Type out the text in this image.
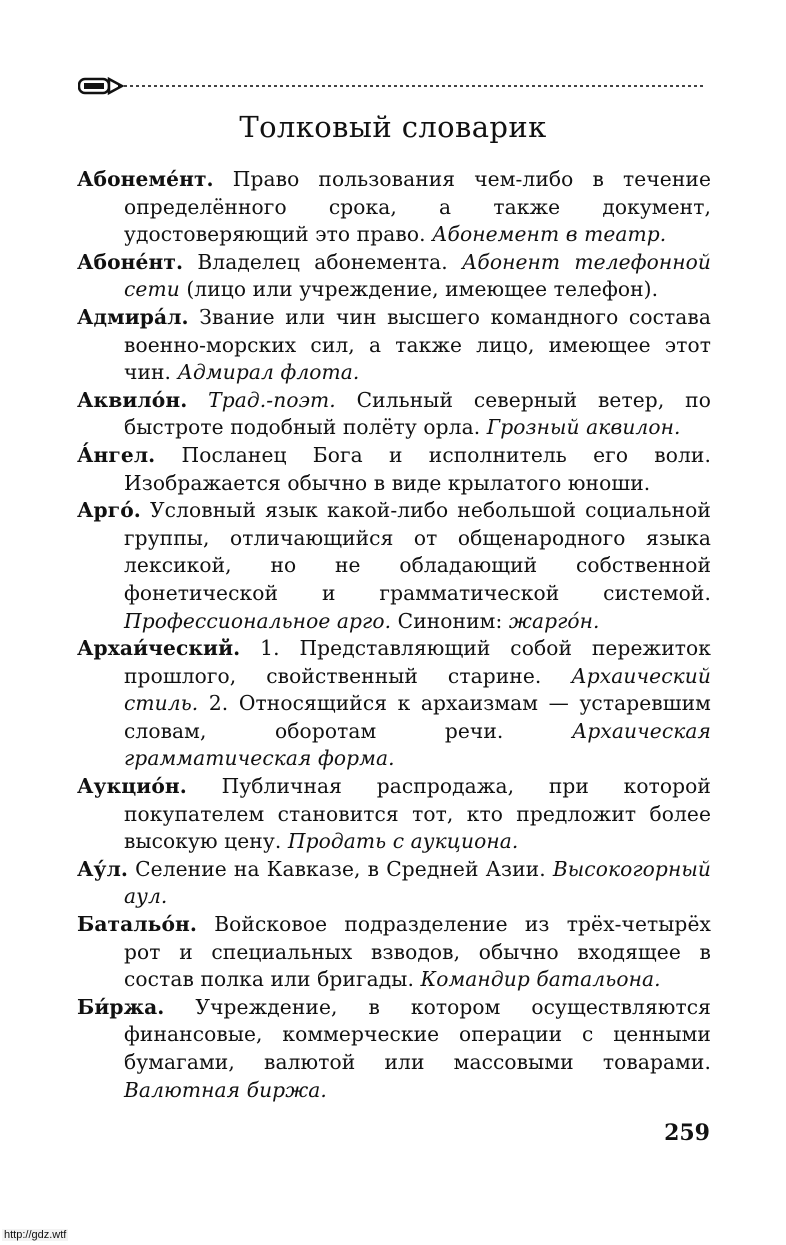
Толковый словарик

Абонеме́нт. Право пользования чем-либо в течение определённого срока, а также документ, удостоверяющий это право. Абонемент в театр.

Абоне́нт. Владелец абонемента. Абонент телефонной сети (лицо или учреждение, имеющее телефон).

Адмира́л. Звание или чин высшего командного состава военно-морских сил, а также лицо, имеющее этот чин. Адмирал флота.

Аквило́н. Трад.-поэт. Сильный северный ветер, по быстроте подобный полёту орла. Грозный аквилон.

А́нгел. Посланец Бога и исполнитель его воли. Изображается обычно в виде крылатого юноши.

Арго́. Условный язык какой-либо небольшой социальной группы, отличающийся от общенародного языка лексикой, но не обладающий собственной фонетической и грамматической системой. Профессиональное арго. Синоним: жарго́н.

Архаи́ческий. 1. Представляющий собой пережиток прошлого, свойственный старине. Архаический стиль. 2. Относящийся к архаизмам — устаревшим словам, оборотам речи. Архаическая грамматическая форма.

Аукцио́н. Публичная распродажа, при которой покупателем становится тот, кто предложит более высокую цену. Продать с аукциона.

Ау́л. Селение на Кавказе, в Средней Азии. Высокогорный аул.

Батальо́н. Войсковое подразделение из трёх-четырёх рот и специальных взводов, обычно входящее в состав полка или бригады. Командир батальона.

Би́ржа. Учреждение, в котором осуществляются финансовые, коммерческие операции с ценными бумагами, валютой или массовыми товарами. Валютная биржа.

259
http://gdz.wtf
